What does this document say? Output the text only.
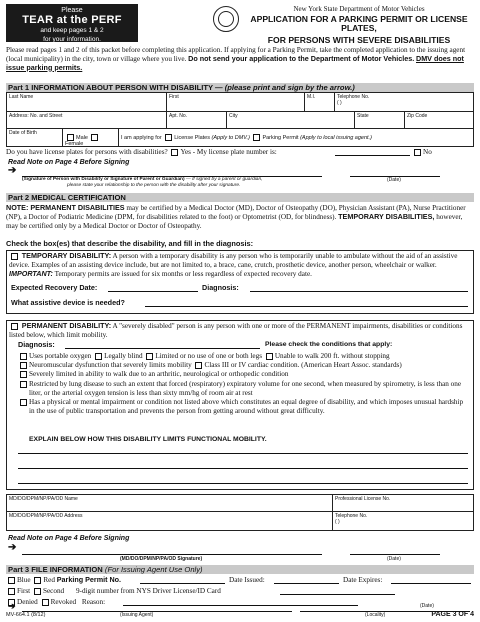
Please
TEAR at the PERF
and keep pages 1 & 2
for your information.
New York State Department of Motor Vehicles
APPLICATION FOR A PARKING PERMIT OR LICENSE PLATES,
FOR PERSONS WITH SEVERE DISABILITIES
Please read pages 1 and 2 of this packet before completing this application. If applying for a Parking Permit, take the completed application to the issuing agent (local municipality) in the city, town or village where you live. Do not send your application to the Department of Motor Vehicles. DMV does not issue parking permits.
Part 1 INFORMATION ABOUT PERSON WITH DISABILITY — (please print and sign by the arrow.)
Last Name	First	M.I.	Telephone No.
( )
Address: No. and Street	Apt. No.	City	State	Zip Code
Date of Birth
Male Female
I am applying for License Plates (Apply to DMV.) Parking Permit (Apply to local issuing agent.)
Do you have license plates for persons with disabilities? Yes - My license plate number is:	No
Read Note on Page 4 Before Signing
➔
(Signature of Person with Disability or Signature of Parent or Guardian) — If signed by a parent or guardian,
please state your relationship to the person with the disability after your signature.
(Date)
Part 2 MEDICAL CERTIFICATION
NOTE: PERMANENT DISABILITIES may be certified by a Medical Doctor (MD), Doctor of Osteopathy (DO), Physician Assistant (PA), Nurse Practitioner (NP), a Doctor of Podiatric Medicine (DPM, for disabilities related to the foot) or Optometrist (OD, for blindness). TEMPORARY DISABILITIES, however, may be certified only by a Medical Doctor or Doctor of Osteopathy.
Check the box(es) that describe the disability, and fill in the diagnosis:
TEMPORARY DISABILITY: A person with a temporary disability is any person who is temporarily unable to ambulate without the aid of an assistive device. Examples of an assisting device include, but are not limited to, a brace, cane, crutch, prosthetic device, another person, wheelchair or walker. IMPORTANT: Temporary permits are issued for six months or less regardless of expected recovery date.
Expected Recovery Date:	Diagnosis:
What assistive device is needed?
PERMANENT DISABILITY: A "severely disabled" person is any person with one or more of the PERMANENT impairments, disabilities or conditions listed below, which limit mobility.
Diagnosis:	Please check the conditions that apply:
Uses portable oxygen Legally blind Limited or no use of one or both legs Unable to walk 200 ft. without stopping
Neuromuscular dysfunction that severely limits mobility Class III or IV cardiac condition. (American Heart Assoc. standards)
Severely limited in ability to walk due to an arthritic, neurological or orthopedic condition
Restricted by lung disease to such an extent that forced (respiratory) expiratory volume for one second, when measured by spirometry, is less than one liter, or the arterial oxygen tension is less than sixty mm/hg of room air at rest
Has a physical or mental impairment or condition not listed above which constitutes an equal degree of disability, and which imposes unusual hardship in the use of public transportation and prevents the person from getting around without great difficulty.
EXPLAIN BELOW HOW THIS DISABILITY LIMITS FUNCTIONAL MOBILITY.
MD/DO/DPM/NP/PA/OD Name	Professional License No.
MD/DO/DPM/NP/PA/OD Address	Telephone No.
( )
Read Note on Page 4 Before Signing
➔
(MD/DO/DPM/NP/PA/OD Signature)	(Date)
Part 3 FILE INFORMATION (For Issuing Agent Use Only)
Blue Red Parking Permit No.	Date Issued:	Date Expires:
First Second 9-digit number from NYS Driver License/ID Card
Denied Revoked Reason:
➔	(Date)
(Issuing Agent)	(Locality)
MV-664.1 (8/12)	PAGE 3 OF 4
